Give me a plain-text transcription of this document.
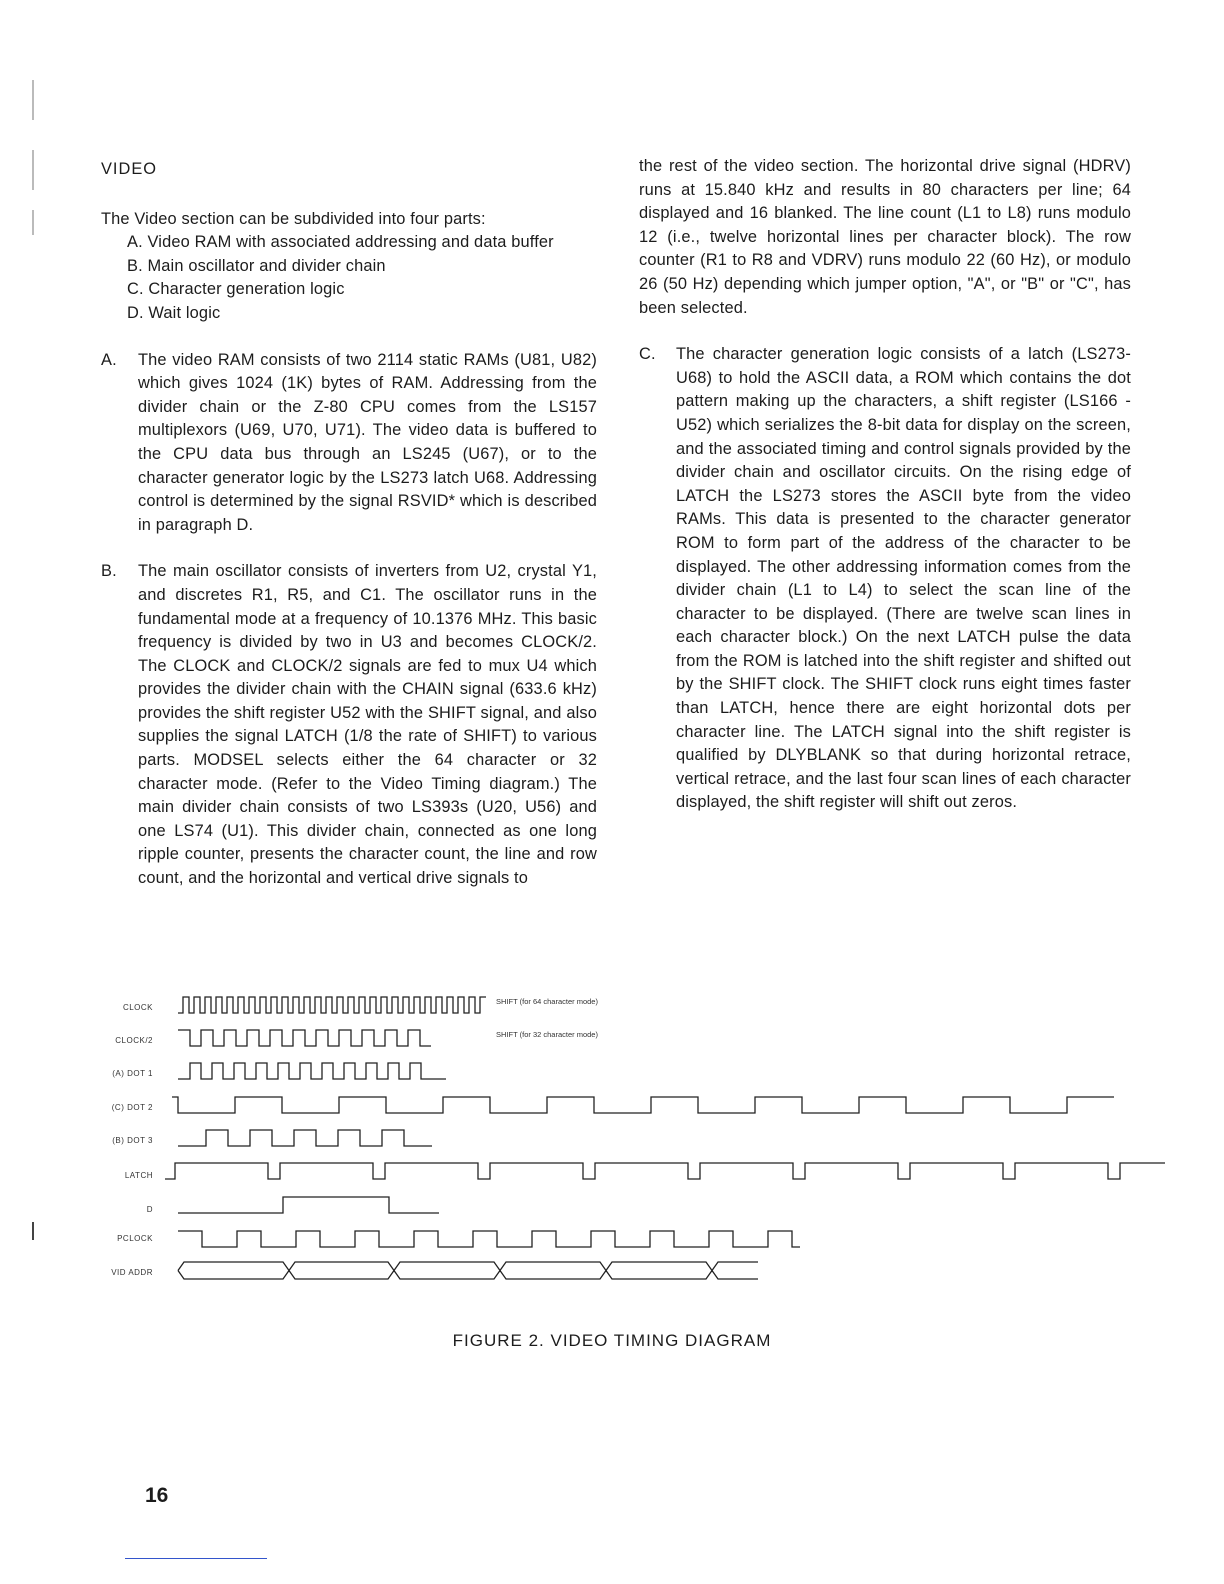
VIDEO
The Video section can be subdivided into four parts:
A. Video RAM with associated addressing and data buffer
B. Main oscillator and divider chain
C. Character generation logic
D. Wait logic
A. The video RAM consists of two 2114 static RAMs (U81, U82) which gives 1024 (1K) bytes of RAM. Addressing from the divider chain or the Z-80 CPU comes from the LS157 multiplexors (U69, U70, U71). The video data is buffered to the CPU data bus through an LS245 (U67), or to the character generator logic by the LS273 latch U68. Addressing control is determined by the signal RSVID* which is described in paragraph D.
B. The main oscillator consists of inverters from U2, crystal Y1, and discretes R1, R5, and C1. The oscillator runs in the fundamental mode at a frequency of 10.1376 MHz. This basic frequency is divided by two in U3 and becomes CLOCK/2. The CLOCK and CLOCK/2 signals are fed to mux U4 which provides the divider chain with the CHAIN signal (633.6 kHz) provides the shift register U52 with the SHIFT signal, and also supplies the signal LATCH (1/8 the rate of SHIFT) to various parts. MODSEL selects either the 64 character or 32 character mode. (Refer to the Video Timing diagram.) The main divider chain consists of two LS393s (U20, U56) and one LS74 (U1). This divider chain, connected as one long ripple counter, presents the character count, the line and row count, and the horizontal and vertical drive signals to
the rest of the video section. The horizontal drive signal (HDRV) runs at 15.840 kHz and results in 80 characters per line; 64 displayed and 16 blanked. The line count (L1 to L8) runs modulo 12 (i.e., twelve horizontal lines per character block). The row counter (R1 to R8 and VDRV) runs modulo 22 (60 Hz), or modulo 26 (50 Hz) depending which jumper option, "A", or "B" or "C", has been selected.
C. The character generation logic consists of a latch (LS273-U68) to hold the ASCII data, a ROM which contains the dot pattern making up the characters, a shift register (LS166 - U52) which serializes the 8-bit data for display on the screen, and the associated timing and control signals provided by the divider chain and oscillator circuits. On the rising edge of LATCH the LS273 stores the ASCII byte from the video RAMs. This data is presented to the character generator ROM to form part of the address of the character to be displayed. The other addressing information comes from the divider chain (L1 to L4) to select the scan line of the character to be displayed. (There are twelve scan lines in each character block.) On the next LATCH pulse the data from the ROM is latched into the shift register and shifted out by the SHIFT clock. The SHIFT clock runs eight times faster than LATCH, hence there are eight horizontal dots per character line. The LATCH signal into the shift register is qualified by DLYBLANK so that during horizontal retrace, vertical retrace, and the last four scan lines of each character displayed, the shift register will shift out zeros.
CLOCK
CLOCK/2
(A) DOT 1
(C) DOT 2
(B) DOT 3
LATCH
D
PCLOCK
VID ADDR
SHIFT (for 64 character mode)
SHIFT (for 32 character mode)
FIGURE 2. VIDEO TIMING DIAGRAM
16
